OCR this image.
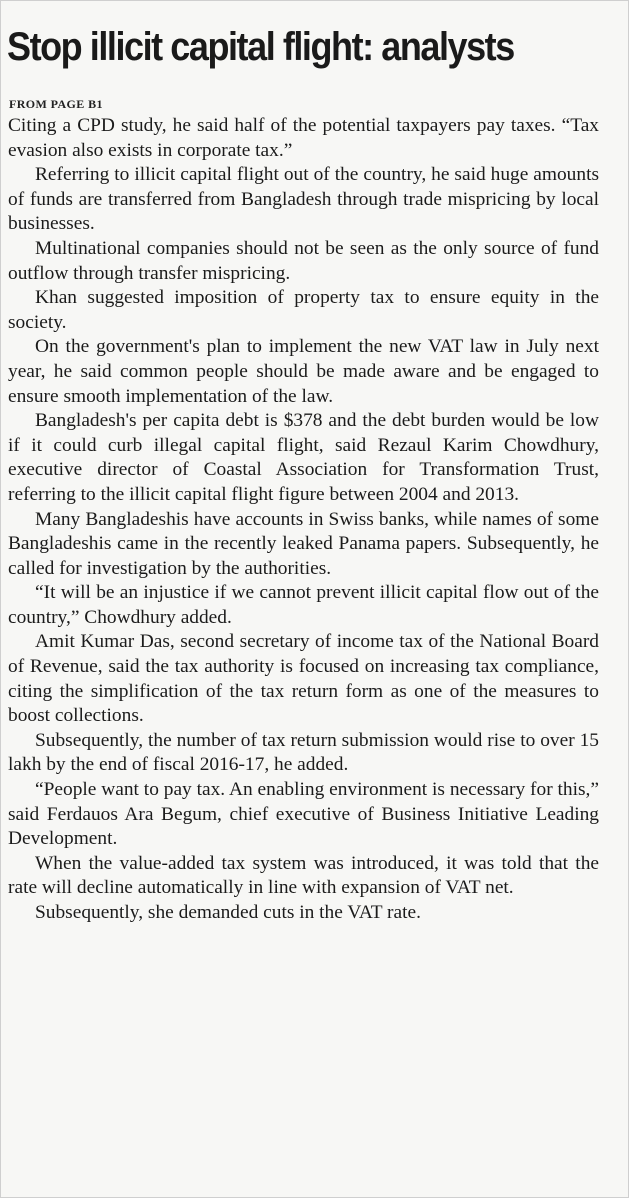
Stop illicit capital flight: analysts
FROM PAGE B1

Citing a CPD study, he said half of the potential taxpayers pay taxes. “Tax evasion also exists in corporate tax.”

Referring to illicit capital flight out of the country, he said huge amounts of funds are transferred from Bangladesh through trade mispricing by local businesses.

Multinational companies should not be seen as the only source of fund outflow through transfer mispricing.

Khan suggested imposition of property tax to ensure equity in the society.

On the government's plan to implement the new VAT law in July next year, he said common people should be made aware and be engaged to ensure smooth implementation of the law.

Bangladesh's per capita debt is $378 and the debt burden would be low if it could curb illegal capital flight, said Rezaul Karim Chowdhury, executive director of Coastal Association for Transformation Trust, referring to the illicit capital flight figure between 2004 and 2013.

Many Bangladeshis have accounts in Swiss banks, while names of some Bangladeshis came in the recently leaked Panama papers. Subsequently, he called for investigation by the authorities.

“It will be an injustice if we cannot prevent illicit capital flow out of the country,” Chowdhury added.

Amit Kumar Das, second secretary of income tax of the National Board of Revenue, said the tax authority is focused on increasing tax compliance, citing the simplification of the tax return form as one of the measures to boost collections.

Subsequently, the number of tax return submission would rise to over 15 lakh by the end of fiscal 2016-17, he added.

“People want to pay tax. An enabling environment is necessary for this,” said Ferdauos Ara Begum, chief executive of Business Initiative Leading Development.

When the value-added tax system was introduced, it was told that the rate will decline automatically in line with expansion of VAT net.

Subsequently, she demanded cuts in the VAT rate.
